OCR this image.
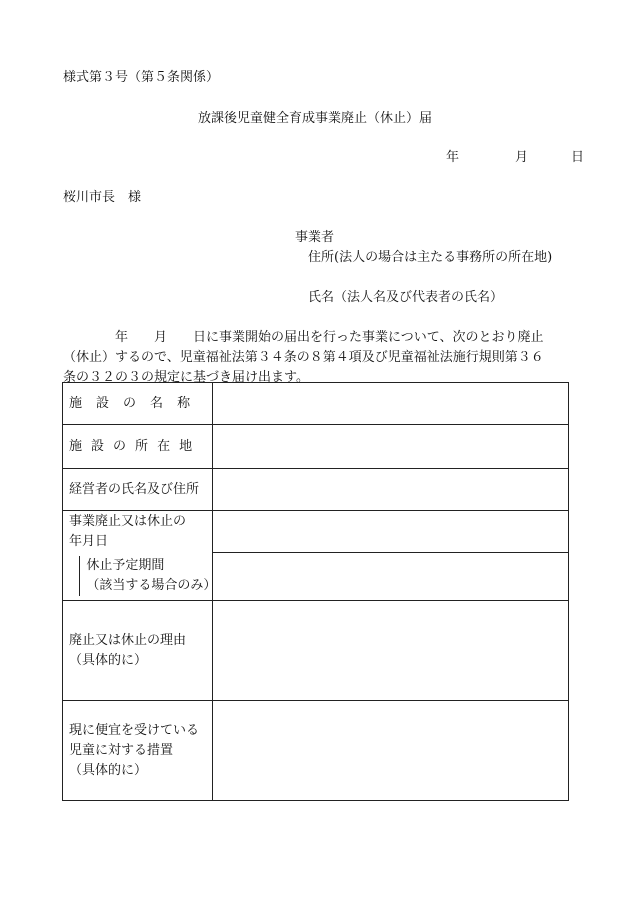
様式第３号（第５条関係）
放課後児童健全育成事業廃止（休止）届
年	月	日
桜川市長　様
事業者
住所(法人の場合は主たる事務所の所在地)
氏名（法人名及び代表者の氏名）
　　　　年　　月　　日に事業開始の届出を行った事業について、次のとおり廃止
（休止）するので、児童福祉法第３４条の８第４項及び児童福祉法施行規則第３６
条の３２の３の規定に基づき届け出ます。
施 設 の 名 称	
施 設 の 所 在 地	
経営者の氏名及び住所	

事業廃止又は休止の
年月日	

休止予定期間
（該当する場合のみ）	

廃止又は休止の理由
（具体的に）	

現に便宜を受けている
児童に対する措置
（具体的に）	
